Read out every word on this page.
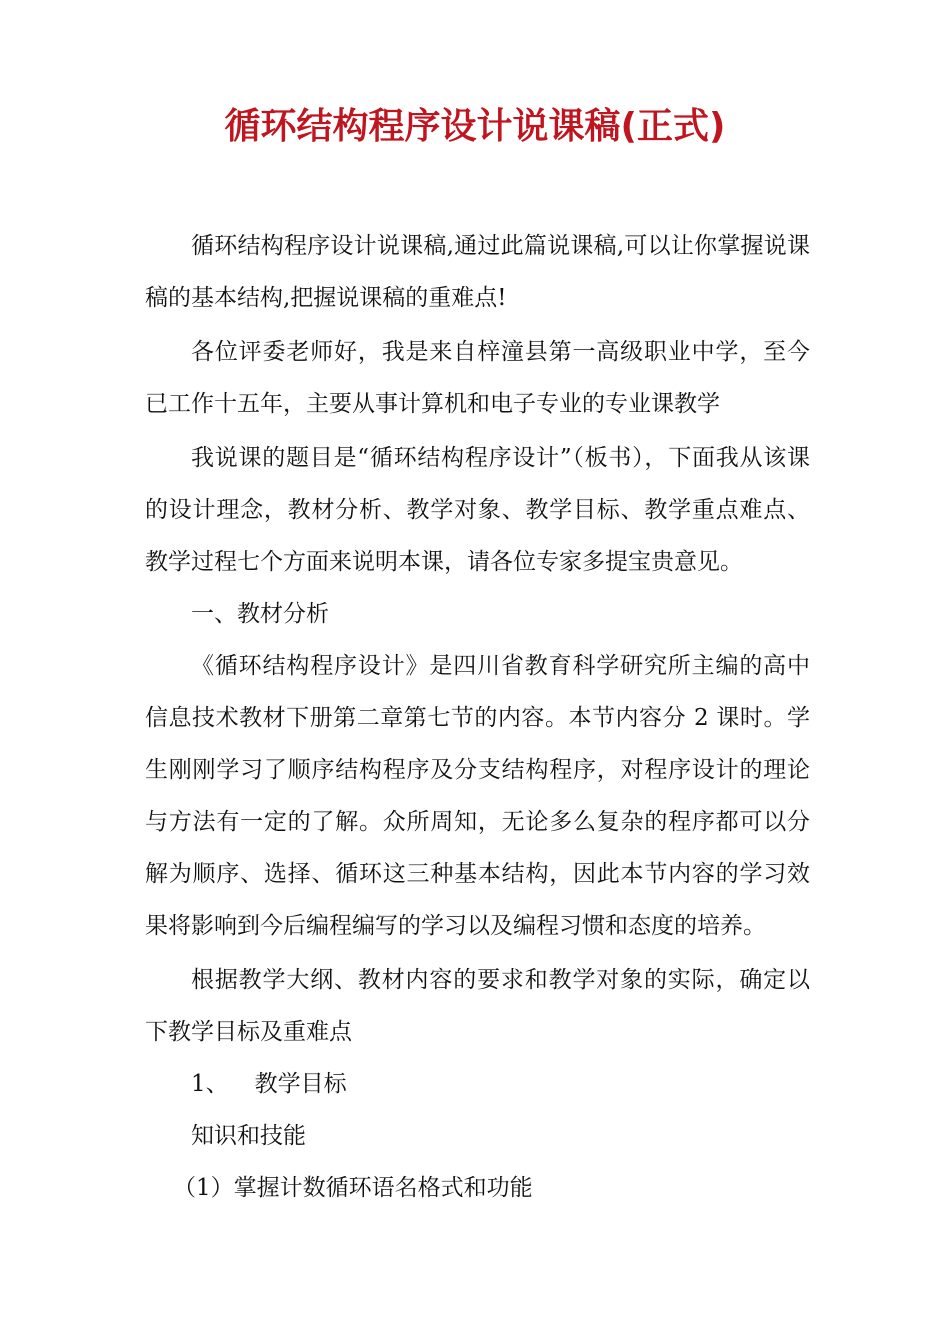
循环结构程序设计说课稿(正式)

循环结构程序设计说课稿,通过此篇说课稿,可以让你掌握说课稿的基本结构,把握说课稿的重难点!

各位评委老师好，我是来自梓潼县第一高级职业中学，至今已工作十五年，主要从事计算机和电子专业的专业课教学

我说课的题目是“循环结构程序设计”（板书），下面我从该课的设计理念，教材分析、教学对象、教学目标、教学重点难点、教学过程七个方面来说明本课，请各位专家多提宝贵意见。

一、教材分析

《循环结构程序设计》是四川省教育科学研究所主编的高中信息技术教材下册第二章第七节的内容。本节内容分 2 课时。学生刚刚学习了顺序结构程序及分支结构程序，对程序设计的理论与方法有一定的了解。众所周知，无论多么复杂的程序都可以分解为顺序、选择、循环这三种基本结构，因此本节内容的学习效果将影响到今后编程编写的学习以及编程习惯和态度的培养。

根据教学大纲、教材内容的要求和教学对象的实际，确定以下教学目标及重难点

1、 教学目标

知识和技能

（1）掌握计数循环语名格式和功能
